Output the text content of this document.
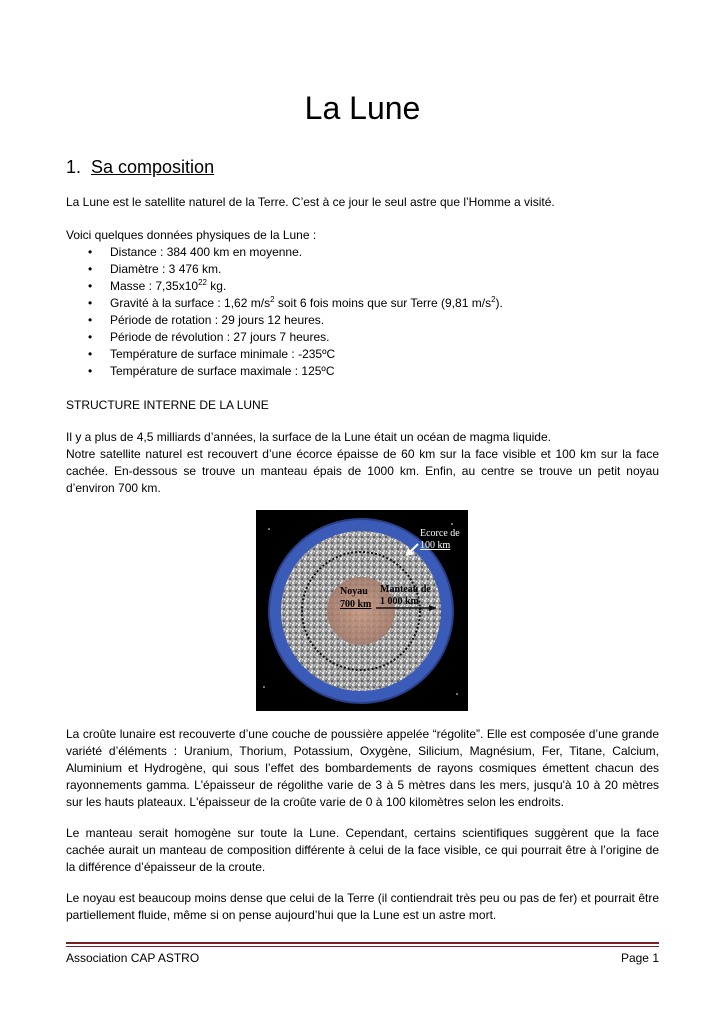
La Lune
1. Sa composition

La Lune est le satellite naturel de la Terre. C’est à ce jour le seul astre que l’Homme a visité.

Voici quelques données physiques de la Lune :

• Distance : 384 400 km en moyenne.
• Diamètre : 3 476 km.
• Masse : $7,35x10^{22}$ kg.
• Gravité à la surface : 1,62 $m/s^2$ soit 6 fois moins que sur Terre (9,81 $m/s^2$).
• Période de rotation : 29 jours 12 heures.
• Période de révolution : 27 jours 7 heures.
• Température de surface minimale : -235ºC
• Température de surface maximale : 125ºC

STRUCTURE INTERNE DE LA LUNE

Il y a plus de 4,5 milliards d’années, la surface de la Lune était un océan de magma liquide.

Notre satellite naturel est recouvert d’une écorce épaisse de 60 km sur la face visible et 100 km sur la face cachée. En-dessous se trouve un manteau épais de 1000 km. Enfin, au centre se trouve un petit noyau d’environ 700 km.

Ecorce de
100 km
Manteau de
1 000 km
Noyau
700 km

La croûte lunaire est recouverte d’une couche de poussière appelée “régolite”. Elle est composée d’une grande variété d’éléments : Uranium, Thorium, Potassium, Oxygène, Silicium, Magnésium, Fer, Titane, Calcium, Aluminium et Hydrogène, qui sous l’effet des bombardements de rayons cosmiques émettent chacun des rayonnements gamma. L'épaisseur de régolithe varie de 3 à 5 mètres dans les mers, jusqu'à 10 à 20 mètres sur les hauts plateaux. L'épaisseur de la croûte varie de 0 à 100 kilomètres selon les endroits.

Le manteau serait homogène sur toute la Lune. Cependant, certains scientifiques suggèrent que la face cachée aurait un manteau de composition différente à celui de la face visible, ce qui pourrait être à l’origine de la différence d’épaisseur de la croute.

Le noyau est beaucoup moins dense que celui de la Terre (il contiendrait très peu ou pas de fer) et pourrait être partiellement fluide, même si on pense aujourd’hui que la Lune est un astre mort.

Association CAP ASTRO	Page 1
